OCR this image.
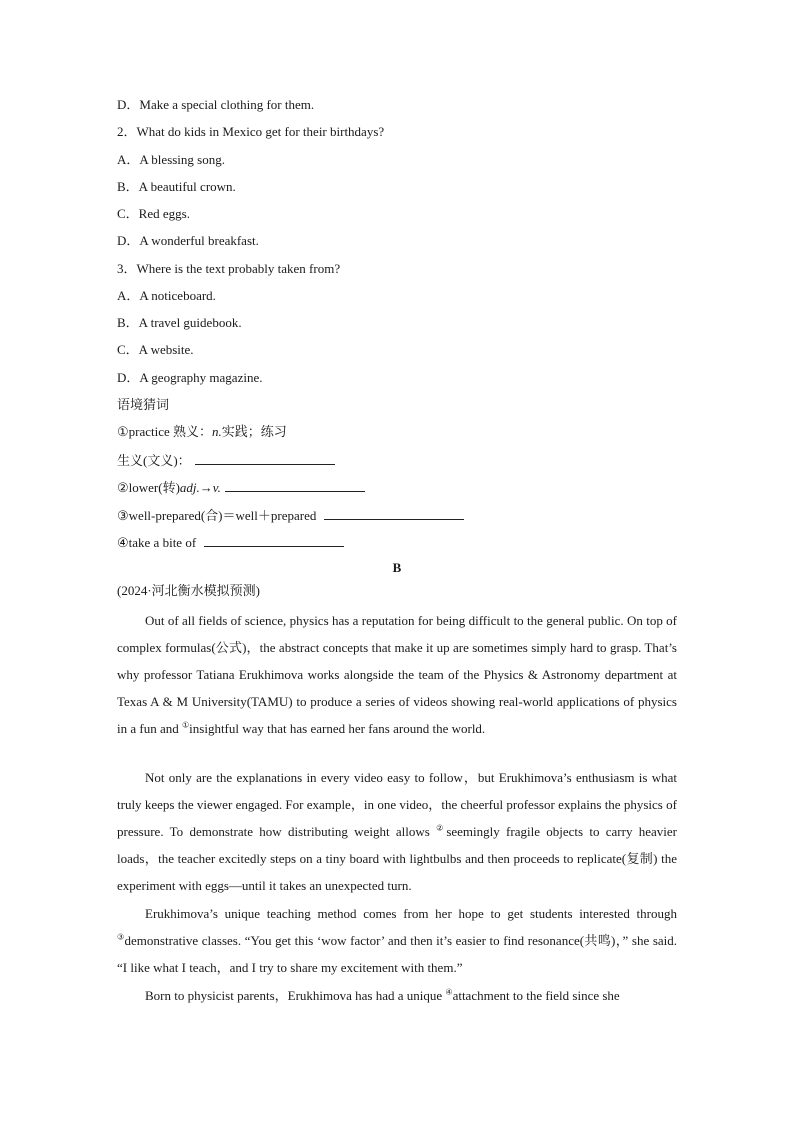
D．Make a special clothing for them.
2．What do kids in Mexico get for their birthdays?
A．A blessing song.
B．A beautiful crown.
C．Red eggs.
D．A wonderful breakfast.
3．Where is the text probably taken from?
A．A noticeboard.
B．A travel guidebook.
C．A website.
D．A geography magazine.
语境猜词
①practice 熟义：n.实践；练习
生义(文义)：
②lower(转)adj.→v.
③well-prepared(合)＝well＋prepared
④take a bite of
B
(2024·河北衡水模拟预测)

Out of all fields of science, physics has a reputation for being difficult to the general public. On top of complex formulas(公式)，the abstract concepts that make it up are sometimes simply hard to grasp. That’s why professor Tatiana Erukhimova works alongside the team of the Physics & Astronomy department at Texas A & M University(TAMU) to produce a series of videos showing real-world applications of physics in a fun and ①insightful way that has earned her fans around the world.

Not only are the explanations in every video easy to follow，but Erukhimova’s enthusiasm is what truly keeps the viewer engaged. For example，in one video，the cheerful professor explains the physics of pressure. To demonstrate how distributing weight allows ②seemingly fragile objects to carry heavier loads，the teacher excitedly steps on a tiny board with lightbulbs and then proceeds to replicate(复制) the experiment with eggs—until it takes an unexpected turn.

Erukhimova’s unique teaching method comes from her hope to get students interested through ③demonstrative classes. “You get this ‘wow factor’ and then it’s easier to find resonance(共鸣)，” she said. “I like what I teach，and I try to share my excitement with them.”

Born to physicist parents，Erukhimova has had a unique ④attachment to the field since she
